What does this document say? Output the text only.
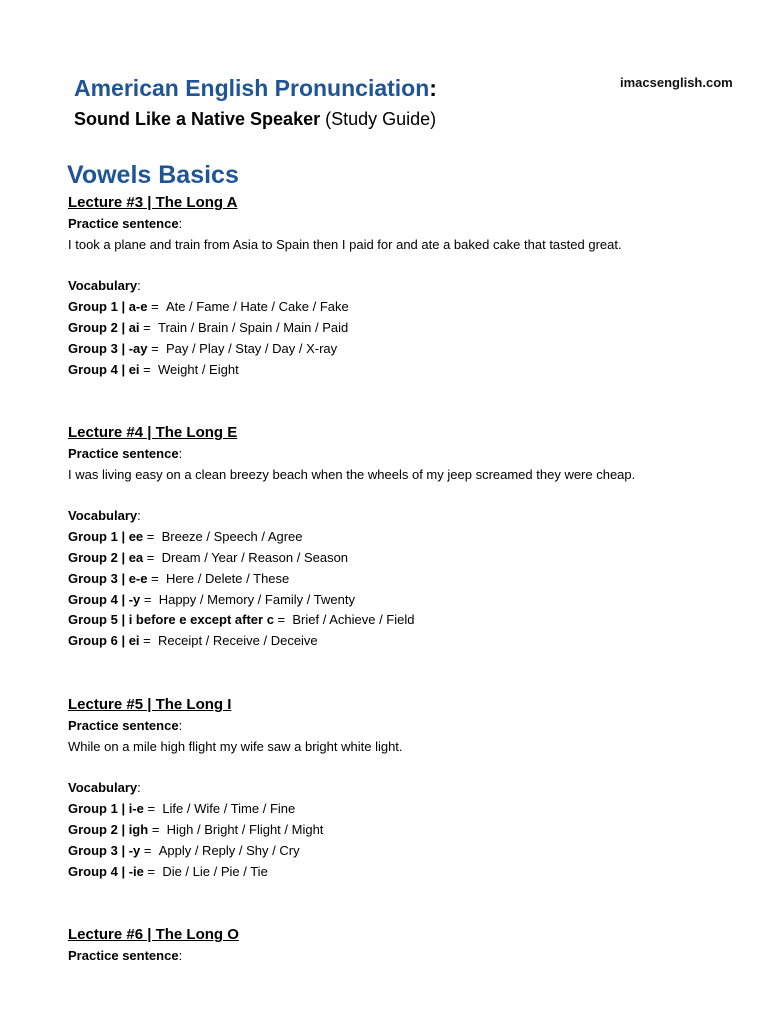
imacsenglish.com
American English Pronunciation:
Sound Like a Native Speaker (Study Guide)
Vowels Basics
Lecture #3 | The Long A
Practice sentence:
I took a plane and train from Asia to Spain then I paid for and ate a baked cake that tasted great.
Vocabulary:
Group 1 | a-e =  Ate / Fame / Hate / Cake / Fake
Group 2 | ai =  Train / Brain / Spain / Main / Paid
Group 3 | -ay =  Pay / Play / Stay / Day / X-ray
Group 4 | ei =  Weight / Eight
Lecture #4 | The Long E
Practice sentence:
I was living easy on a clean breezy beach when the wheels of my jeep screamed they were cheap.
Vocabulary:
Group 1 | ee =  Breeze / Speech / Agree
Group 2 | ea =  Dream / Year / Reason / Season
Group 3 | e-e =  Here / Delete / These
Group 4 | -y =  Happy / Memory / Family / Twenty
Group 5 | i before e except after c =  Brief / Achieve / Field
Group 6 | ei =  Receipt / Receive / Deceive
Lecture #5 | The Long I
Practice sentence:
While on a mile high flight my wife saw a bright white light.
Vocabulary:
Group 1 | i-e =  Life / Wife / Time / Fine
Group 2 | igh =  High / Bright / Flight / Might
Group 3 | -y =  Apply / Reply / Shy / Cry
Group 4 | -ie =  Die / Lie / Pie / Tie
Lecture #6 | The Long O
Practice sentence:
